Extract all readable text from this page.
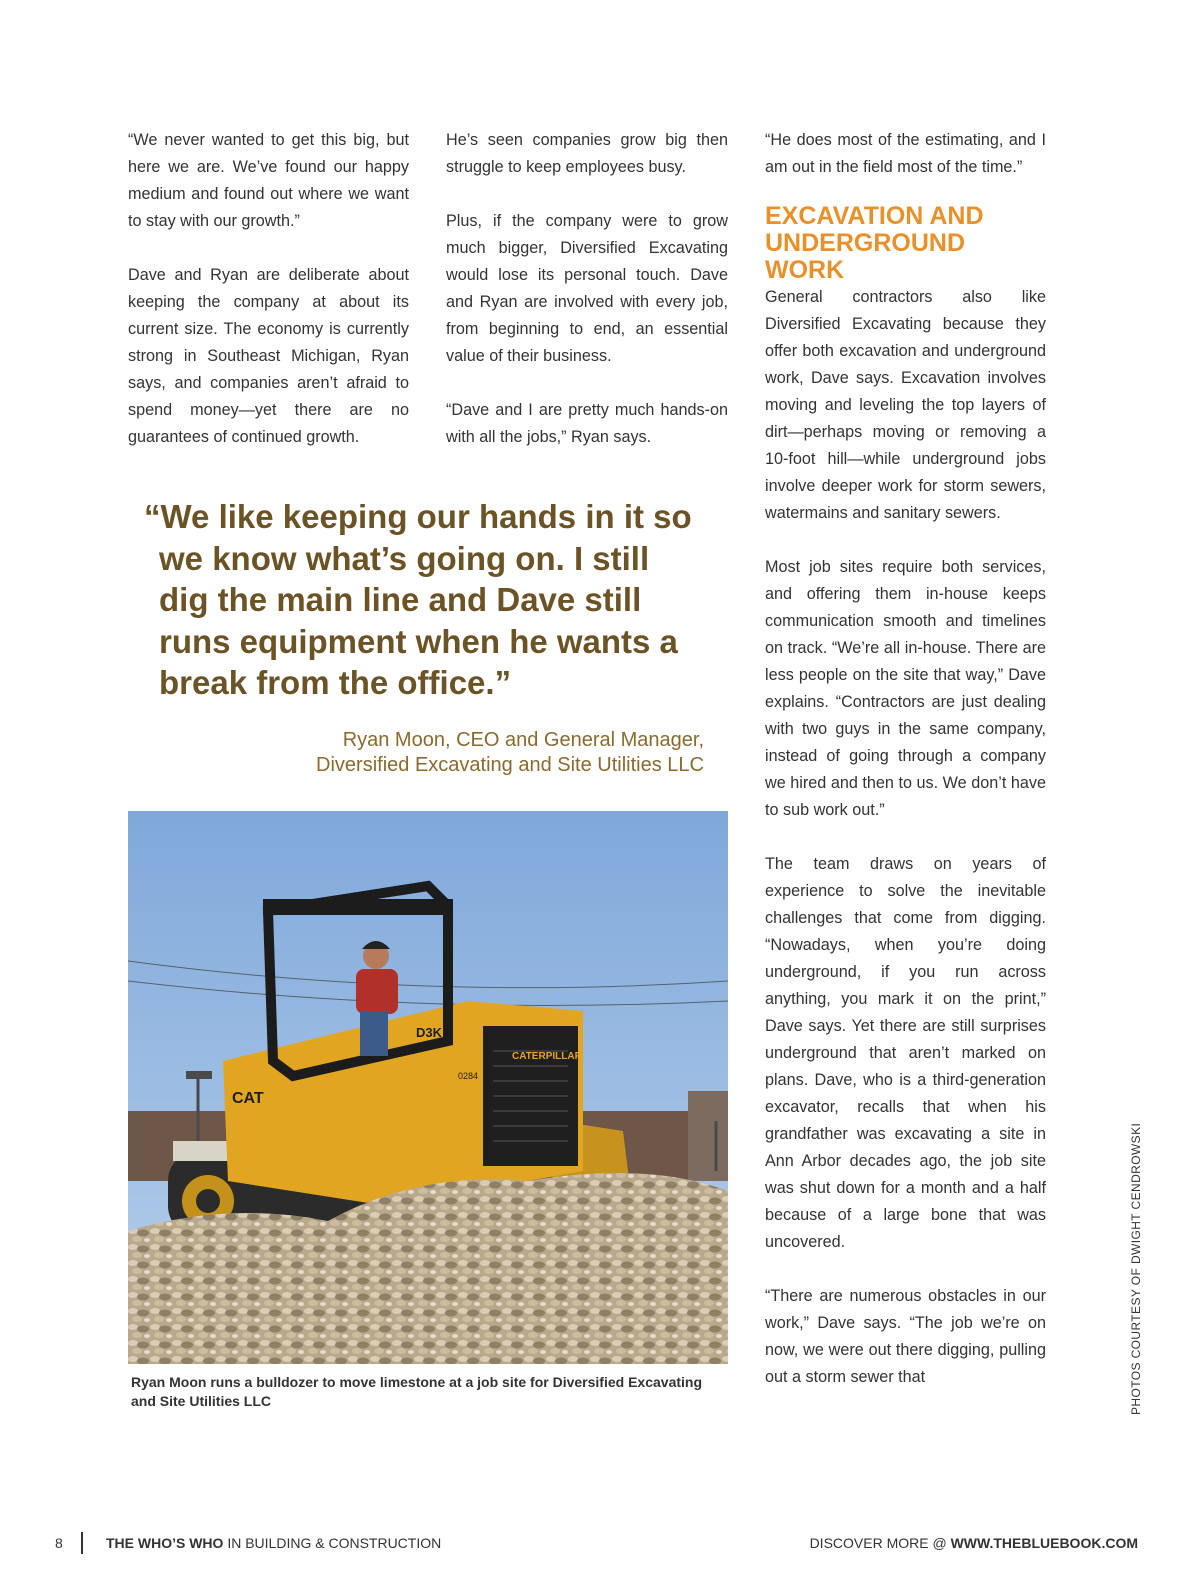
“We never wanted to get this big, but here we are. We’ve found our happy medium and found out where we want to stay with our growth.”

Dave and Ryan are deliberate about keeping the company at about its current size. The economy is currently strong in Southeast Michigan, Ryan says, and companies aren’t afraid to spend money—yet there are no guarantees of continued growth.

He’s seen companies grow big then struggle to keep employees busy.

Plus, if the company were to grow much bigger, Diversified Excavating would lose its personal touch. Dave and Ryan are involved with every job, from beginning to end, an essential value of their business.

“Dave and I are pretty much hands-on with all the jobs,” Ryan says.

“He does most of the estimating, and I am out in the field most of the time.”

EXCAVATION AND UNDERGROUND WORK

General contractors also like Diversified Excavating because they offer both excavation and underground work, Dave says. Excavation involves moving and leveling the top layers of dirt—perhaps moving or removing a 10-foot hill—while underground jobs involve deeper work for storm sewers, watermains and sanitary sewers.

Most job sites require both services, and offering them in-house keeps communication smooth and timelines on track. “We’re all in-house. There are less people on the site that way,” Dave explains. “Contractors are just dealing with two guys in the same company, instead of going through a company we hired and then to us. We don’t have to sub work out.”

The team draws on years of experience to solve the inevitable challenges that come from digging. “Nowadays, when you’re doing underground, if you run across anything, you mark it on the print,” Dave says. Yet there are still surprises underground that aren’t marked on plans. Dave, who is a third-generation excavator, recalls that when his grandfather was excavating a site in Ann Arbor decades ago, the job site was shut down for a month and a half because of a large bone that was uncovered.

“There are numerous obstacles in our work,” Dave says. “The job we’re on now, we were out there digging, pulling out a storm sewer that

“We like keeping our hands in it so we know what’s going on. I still dig the main line and Dave still runs equipment when he wants a break from the office.”

Ryan Moon, CEO and General Manager,
Diversified Excavating and Site Utilities LLC
CATERPILLAR
D3K
0284
CAT
Ryan Moon runs a bulldozer to move limestone at a job site for Diversified Excavating and Site Utilities LLC	PHOTOS COURTESY OF DWIGHT CENDROWSKI
8	THE WHO’S WHO IN BUILDING & CONSTRUCTION	DISCOVER MORE @ WWW.THEBLUEBOOK.COM
